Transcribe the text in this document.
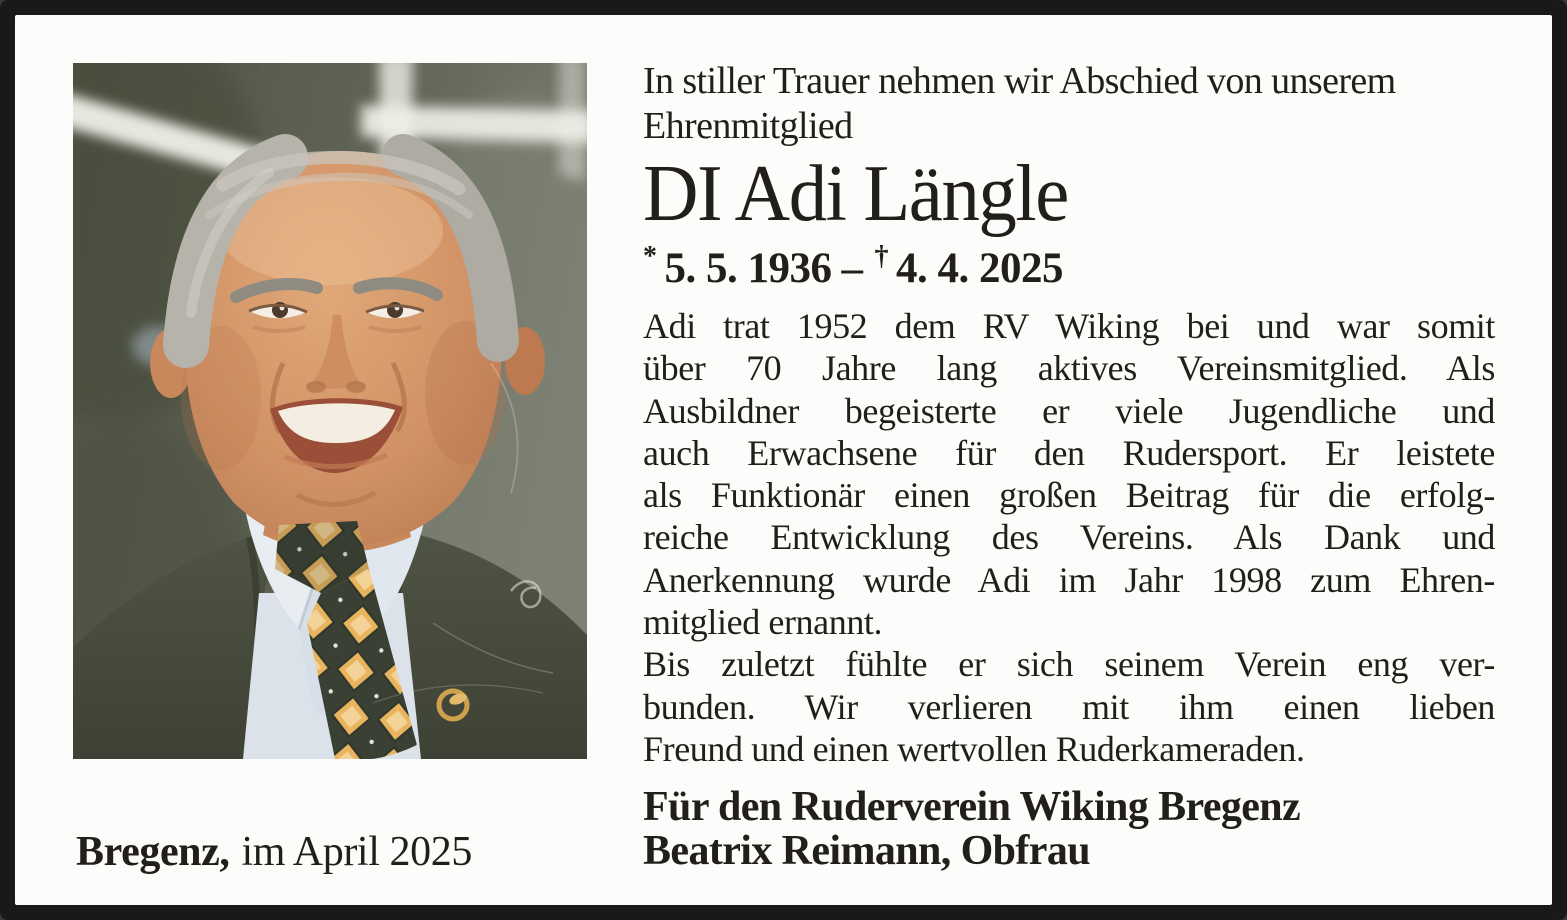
In stiller Trauer nehmen wir Abschied von unserem
Ehrenmitglied
DI Adi Längle
* 5. 5. 1936 – † 4. 4. 2025
Adi trat 1952 dem RV Wiking bei und war somit
über 70 Jahre lang aktives Vereinsmitglied. Als
Ausbildner begeisterte er viele Jugendliche und
auch Erwachsene für den Rudersport. Er leistete
als Funktionär einen großen Beitrag für die erfolg-
reiche Entwicklung des Vereins. Als Dank und
Anerkennung wurde Adi im Jahr 1998 zum Ehren-
mitglied ernannt.
Bis zuletzt fühlte er sich seinem Verein eng ver-
bunden. Wir verlieren mit ihm einen lieben
Freund und einen wertvollen Ruderkameraden.
Für den Ruderverein Wiking Bregenz
Beatrix Reimann, Obfrau
Bregenz, im April 2025
